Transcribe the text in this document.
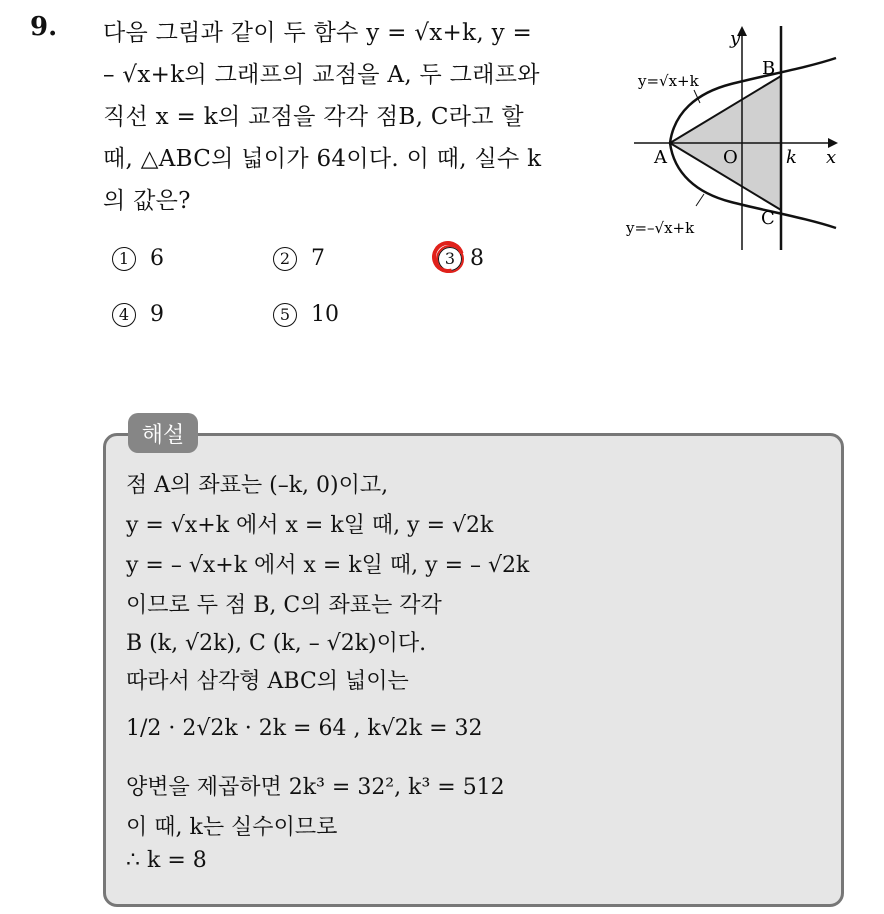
9. 다음 그림과 같이 두 함수 y = √x+k, y =
– √x+k의 그래프의 교점을 A, 두 그래프와
직선 x = k의 교점을 각각 점B, C라고 할
때, △ABC의 넓이가 64이다. 이 때, 실수 k
의 값은?
1 6	2 7	3 8
4 9	5 10
y
x
O	k
A
B
C
y=√x+k
y=–√x+k
해설
점 A의 좌표는 (–k, 0)이고,
y = √x+k 에서 x = k일 때, y = √2k
y = – √x+k 에서 x = k일 때, y = – √2k
이므로 두 점 B, C의 좌표는 각각
B (k, √2k), C (k, – √2k)이다.
따라서 삼각형 ABC의 넓이는
1/2 · 2√2k · 2k = 64 , k√2k = 32
양변을 제곱하면 2k³ = 32², k³ = 512
이 때, k는 실수이므로
∴ k = 8
